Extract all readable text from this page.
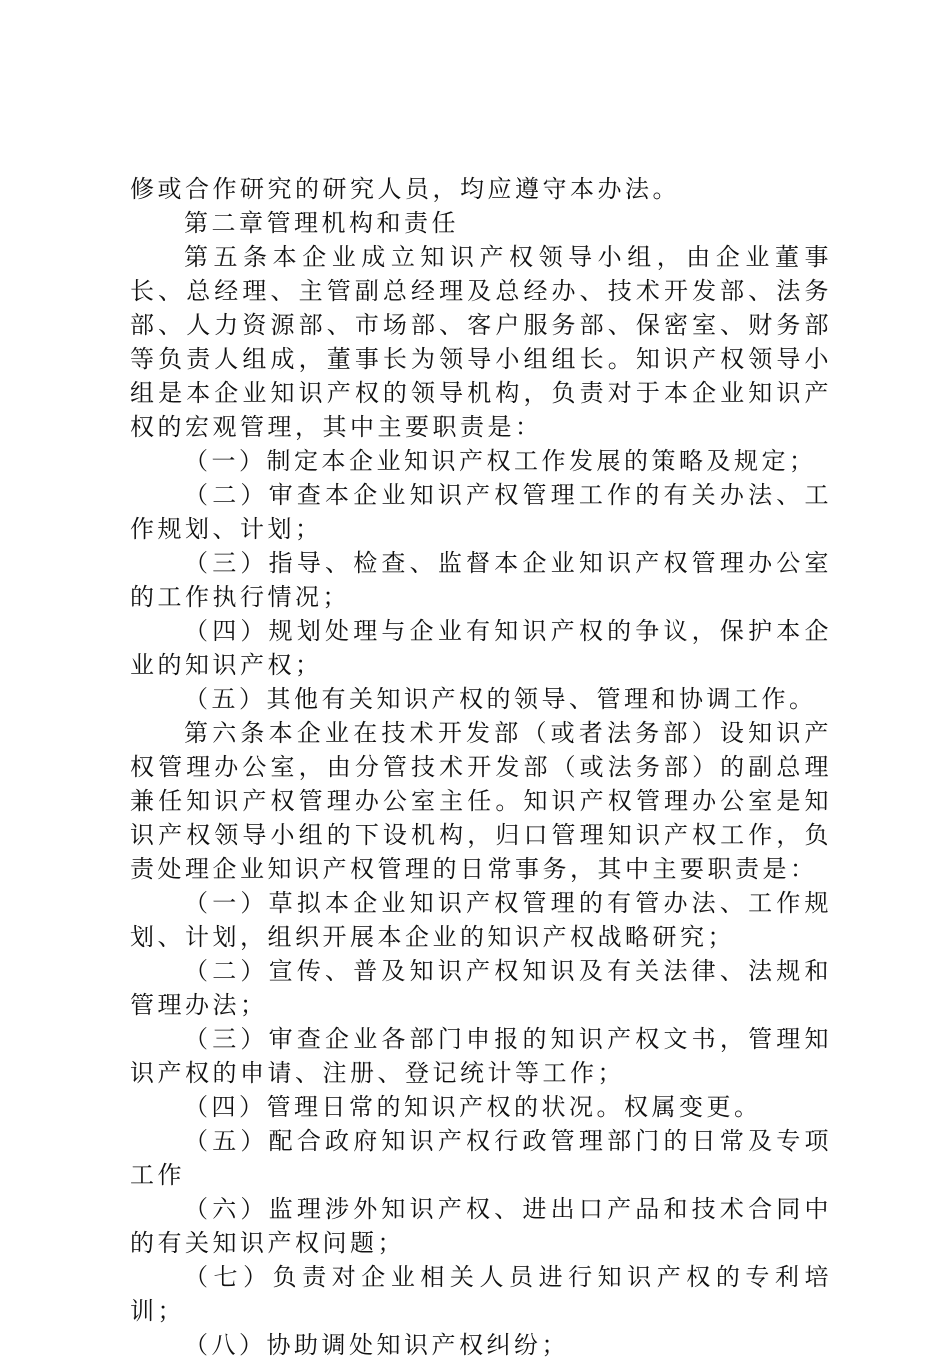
修或合作研究的研究人员，均应遵守本办法。

第二章管理机构和责任

第五条本企业成立知识产权领导小组，由企业董事长、总经理、主管副总经理及总经办、技术开发部、法务部、人力资源部、市场部、客户服务部、保密室、财务部等负责人组成，董事长为领导小组组长。知识产权领导小组是本企业知识产权的领导机构，负责对于本企业知识产权的宏观管理，其中主要职责是：

（一）制定本企业知识产权工作发展的策略及规定；

（二）审查本企业知识产权管理工作的有关办法、工作规划、计划；

（三）指导、检查、监督本企业知识产权管理办公室的工作执行情况；

（四）规划处理与企业有知识产权的争议，保护本企业的知识产权；

（五）其他有关知识产权的领导、管理和协调工作。

第六条本企业在技术开发部（或者法务部）设知识产权管理办公室，由分管技术开发部（或法务部）的副总理兼任知识产权管理办公室主任。知识产权管理办公室是知识产权领导小组的下设机构，归口管理知识产权工作，负责处理企业知识产权管理的日常事务，其中主要职责是：

（一）草拟本企业知识产权管理的有管办法、工作规划、计划，组织开展本企业的知识产权战略研究；

（二）宣传、普及知识产权知识及有关法律、法规和管理办法；

（三）审查企业各部门申报的知识产权文书，管理知识产权的申请、注册、登记统计等工作；

（四）管理日常的知识产权的状况。权属变更。

（五）配合政府知识产权行政管理部门的日常及专项工作

（六）监理涉外知识产权、进出口产品和技术合同中的有关知识产权问题；

（七）负责对企业相关人员进行知识产权的专利培训；

（八）协助调处知识产权纠纷；
